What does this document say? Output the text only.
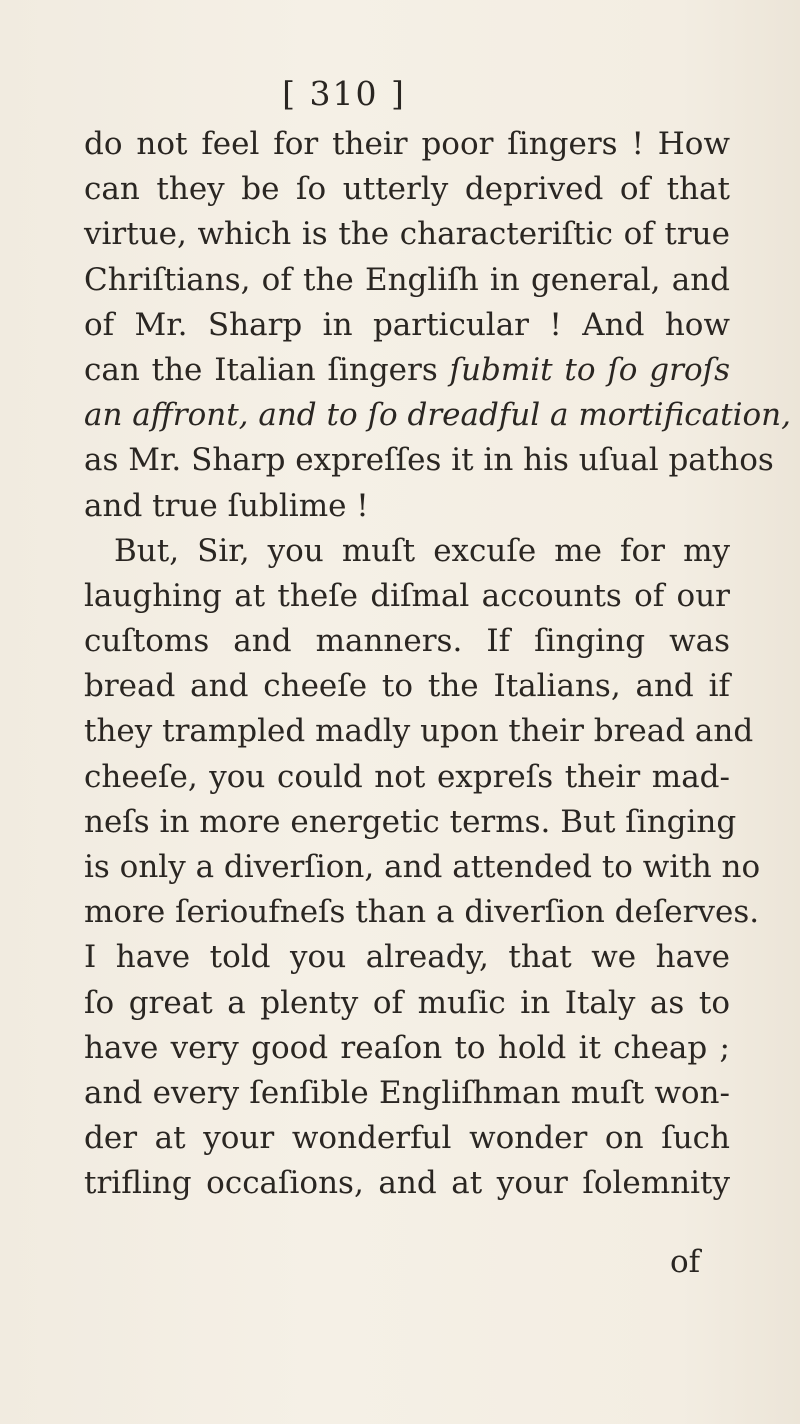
[ 310 ]
do not feel for their poor ſingers ! How
can they be ſo utterly deprived of that
virtue, which is the characteriſtic of true
Chriſtians, of the Engliſh in general, and
of Mr. Sharp in particular ! And how
can the Italian ſingers ſubmit to ſo groſs
an affront, and to ſo dreadful a mortification,
as Mr. Sharp expreſſes it in his uſual pathos
and true ſublime !
But, Sir, you muſt excuſe me for my
laughing at theſe diſmal accounts of our
cuſtoms and manners. If ſinging was
bread and cheeſe to the Italians, and if
they trampled madly upon their bread and
cheeſe, you could not expreſs their mad-
neſs in more energetic terms. But ſinging
is only a diverſion, and attended to with no
more ſerioufneſs than a diverſion deſerves.
I have told you already, that we have
ſo great a plenty of muſic in Italy as to
have very good reaſon to hold it cheap ;
and every ſenſible Engliſhman muſt won-
der at your wonderful wonder on ſuch
trifling occaſions, and at your ſolemnity
of
